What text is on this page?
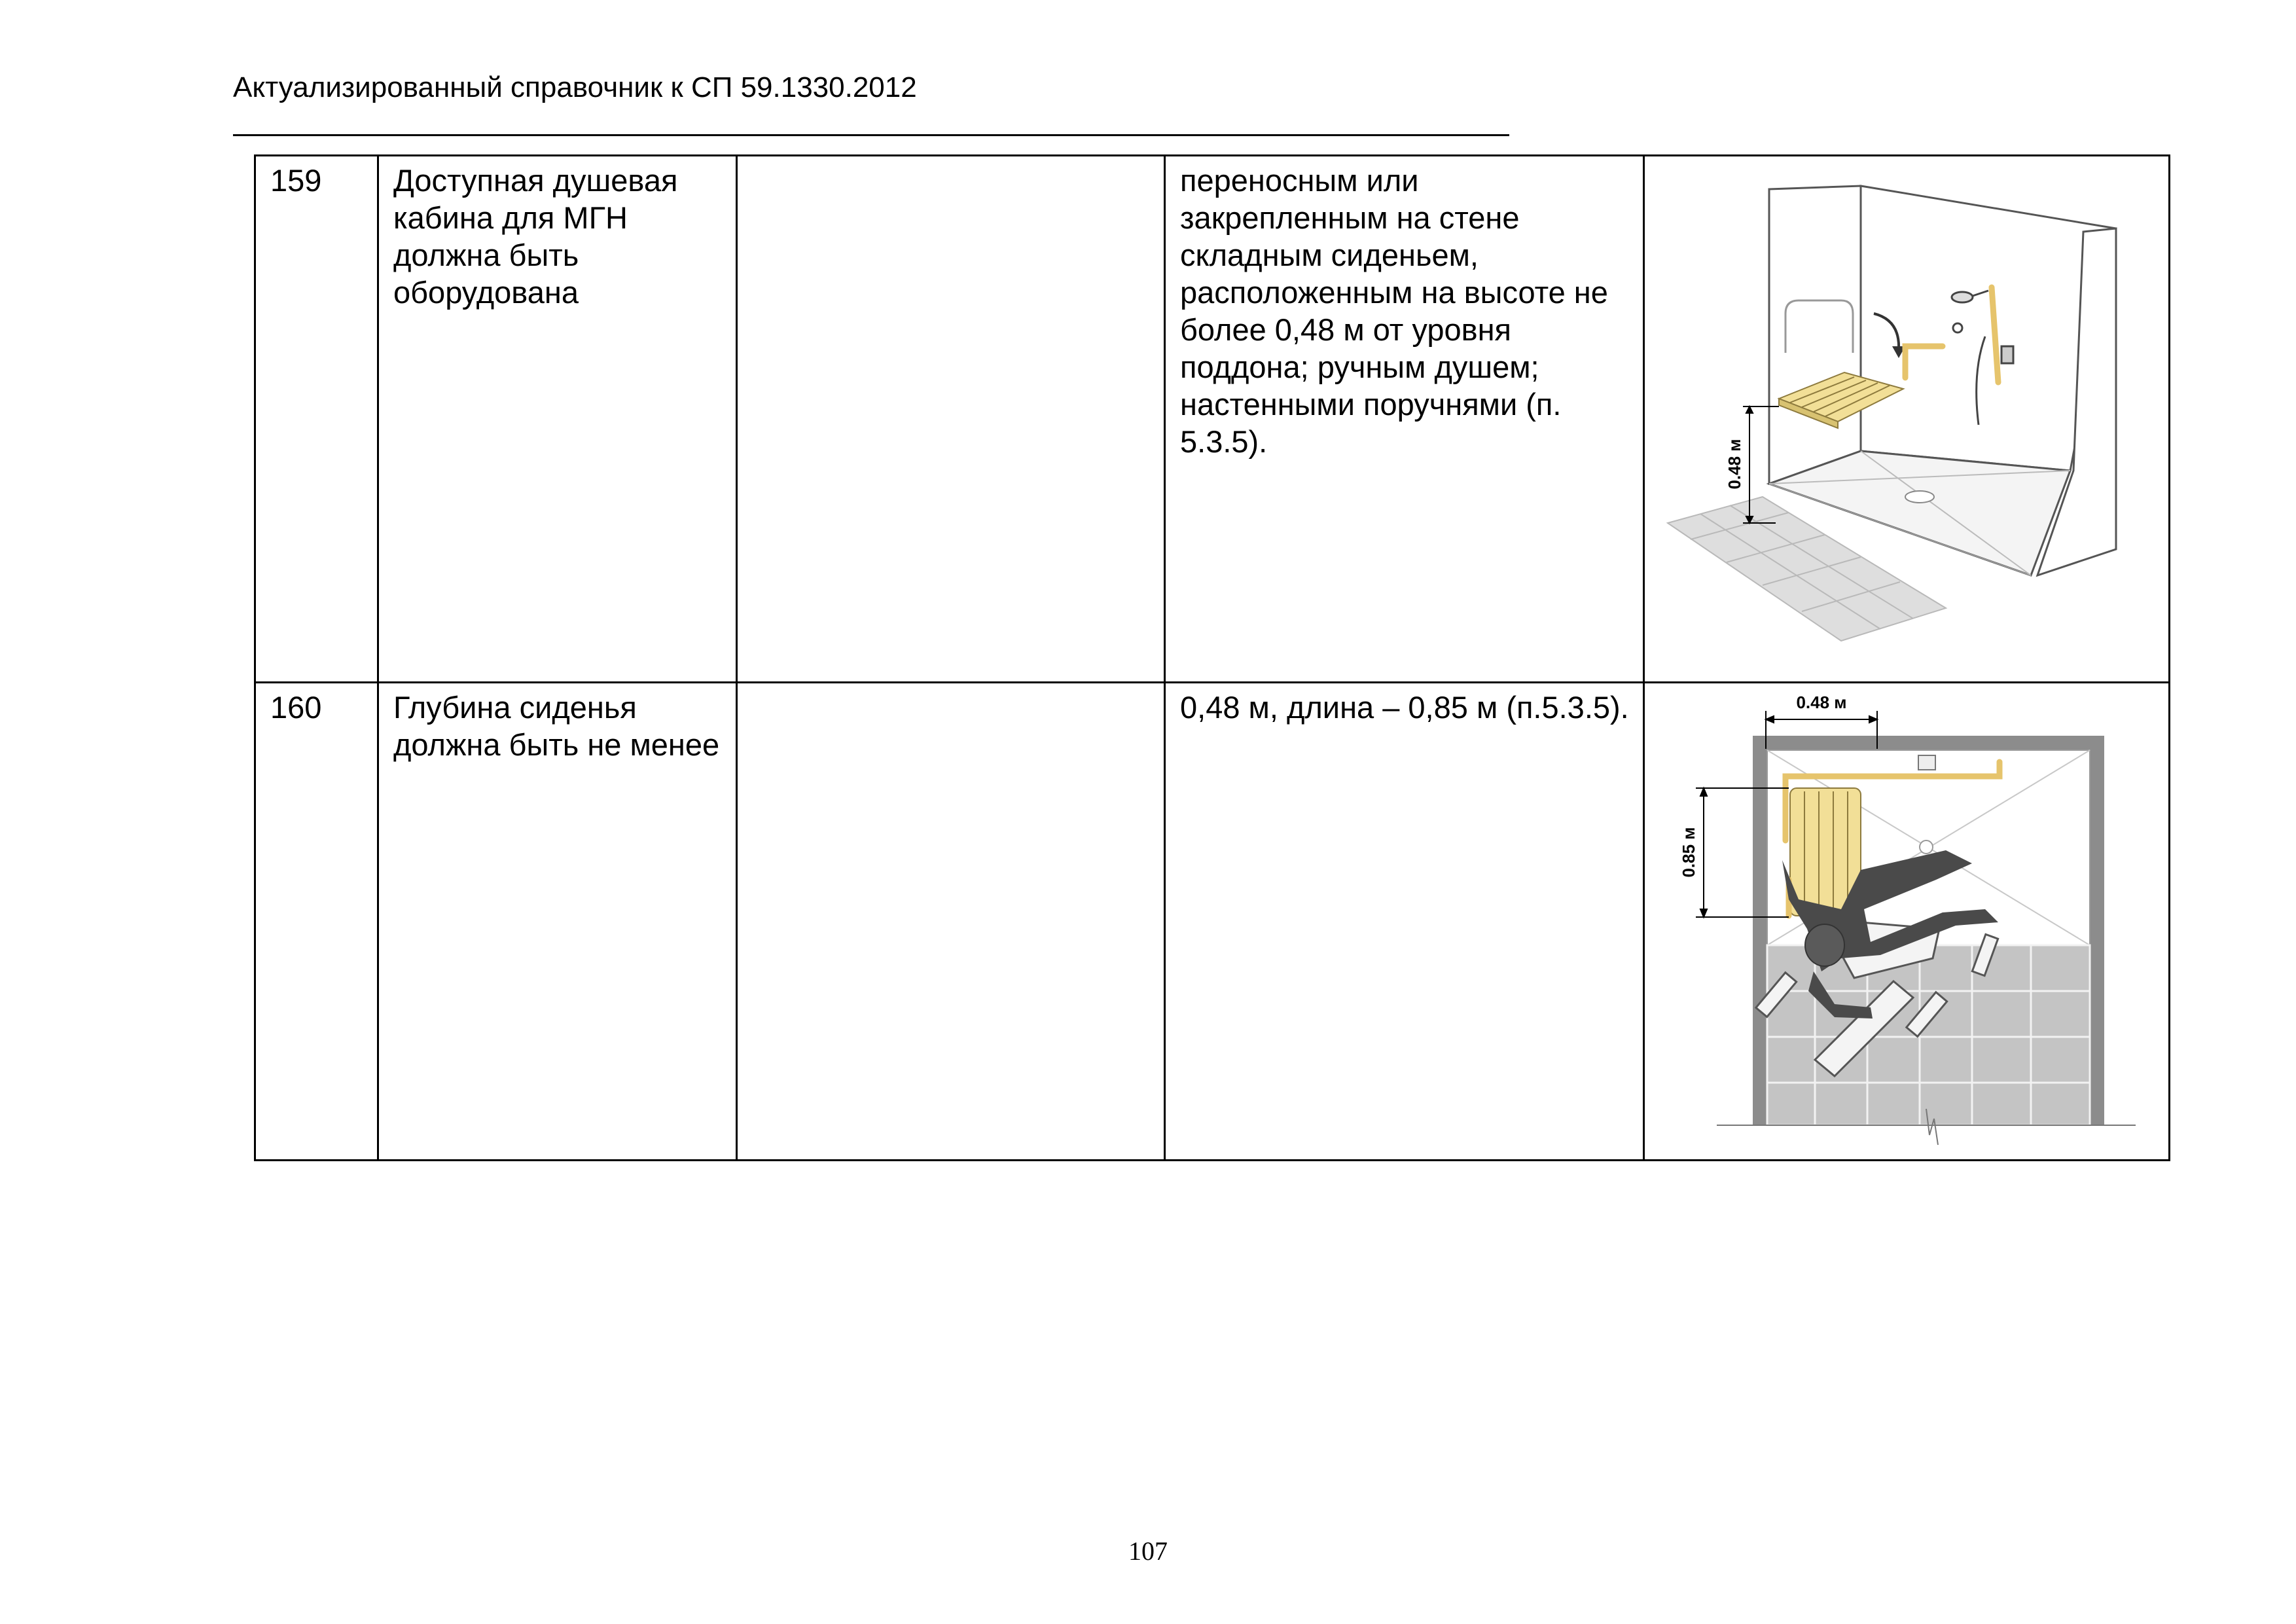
Актуализированный справочник к СП 59.1330.2012
159	Доступная душевая кабина для МГН должна быть оборудована		переносным или закрепленным на стене складным сиденьем, расположенным на высоте не более 0,48 м от уровня поддона; ручным душем; настенными поручнями (п. 5.3.5).	0.48 м

160	Глубина сиденья должна быть не менее		0,48 м, длина – 0,85 м (п.5.3.5).	0.48 м
0.85 м
107
